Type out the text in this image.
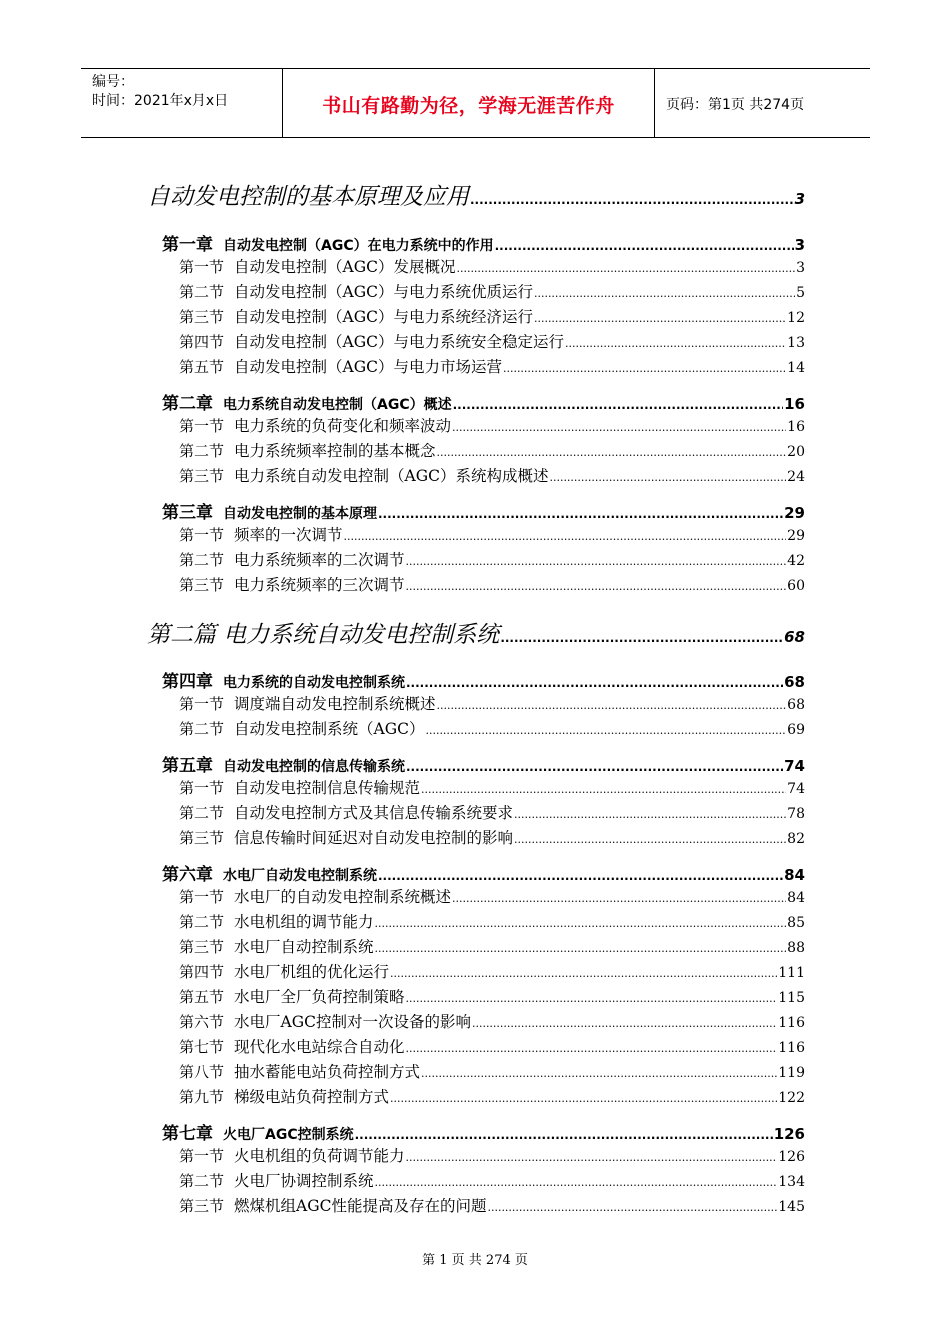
编号：
时间：2021年x月x日	书山有路勤为径，学海无涯苦作舟	页码：第1页 共274页
自动发电控制的基本原理及应用 .....	3
第一章 自动发电控制（AGC）在电力系统中的作用 .....	3
第一节 自动发电控制（AGC）发展概况 .....	3
第二节 自动发电控制（AGC）与电力系统优质运行 .....	5
第三节 自动发电控制（AGC）与电力系统经济运行 .....	12
第四节 自动发电控制（AGC）与电力系统安全稳定运行 .....	13
第五节 自动发电控制（AGC）与电力市场运营 .....	14
第二章 电力系统自动发电控制（AGC）概述 .....	16
第一节 电力系统的负荷变化和频率波动 .....	16
第二节 电力系统频率控制的基本概念 .....	20
第三节 电力系统自动发电控制（AGC）系统构成概述 .....	24
第三章 自动发电控制的基本原理 .....	29
第一节 频率的一次调节 .....	29
第二节 电力系统频率的二次调节 .....	42
第三节 电力系统频率的三次调节 .....	60
第二篇 电力系统自动发电控制系统 .....	68
第四章 电力系统的自动发电控制系统 .....	68
第一节 调度端自动发电控制系统概述 .....	68
第二节 自动发电控制系统（AGC） .....	69
第五章 自动发电控制的信息传输系统 .....	74
第一节 自动发电控制信息传输规范 .....	74
第二节 自动发电控制方式及其信息传输系统要求 .....	78
第三节 信息传输时间延迟对自动发电控制的影响 .....	82
第六章 水电厂自动发电控制系统 .....	84
第一节 水电厂的自动发电控制系统概述 .....	84
第二节 水电机组的调节能力 .....	85
第三节 水电厂自动控制系统 .....	88
第四节 水电厂机组的优化运行 .....	111
第五节 水电厂全厂负荷控制策略 .....	115
第六节 水电厂AGC控制对一次设备的影响 .....	116
第七节 现代化水电站综合自动化 .....	116
第八节 抽水蓄能电站负荷控制方式 .....	119
第九节 梯级电站负荷控制方式 .....	122
第七章 火电厂AGC控制系统 .....	126
第一节 火电机组的负荷调节能力 .....	126
第二节 火电厂协调控制系统 .....	134
第三节 燃煤机组AGC性能提高及存在的问题 .....	145
第 1 页 共 274 页
